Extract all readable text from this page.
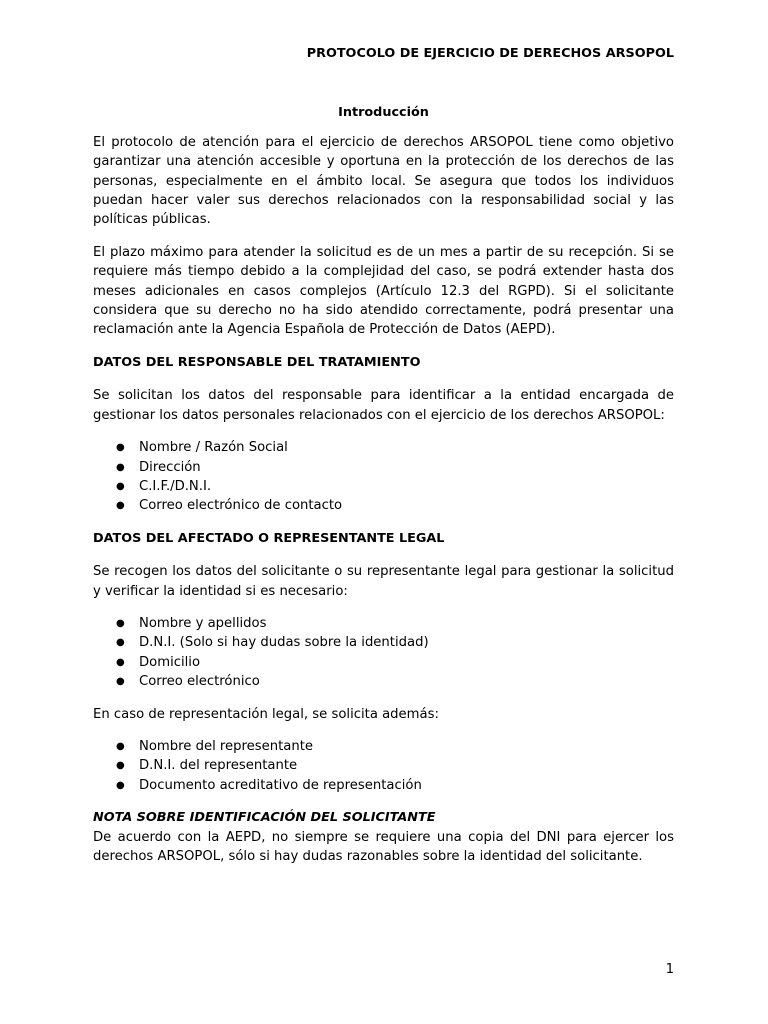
PROTOCOLO DE EJERCICIO DE DERECHOS ARSOPOL
Introducción

El protocolo de atención para el ejercicio de derechos ARSOPOL tiene como objetivo garantizar una atención accesible y oportuna en la protección de los derechos de las personas, especialmente en el ámbito local. Se asegura que todos los individuos puedan hacer valer sus derechos relacionados con la responsabilidad social y las políticas públicas.

El plazo máximo para atender la solicitud es de un mes a partir de su recepción. Si se requiere más tiempo debido a la complejidad del caso, se podrá extender hasta dos meses adicionales en casos complejos (Artículo 12.3 del RGPD). Si el solicitante considera que su derecho no ha sido atendido correctamente, podrá presentar una reclamación ante la Agencia Española de Protección de Datos (AEPD).

DATOS DEL RESPONSABLE DEL TRATAMIENTO

Se solicitan los datos del responsable para identificar a la entidad encargada de gestionar los datos personales relacionados con el ejercicio de los derechos ARSOPOL:

● Nombre / Razón Social
● Dirección
● C.I.F./D.N.I.
● Correo electrónico de contacto
DATOS DEL AFECTADO O REPRESENTANTE LEGAL

Se recogen los datos del solicitante o su representante legal para gestionar la solicitud y verificar la identidad si es necesario:

● Nombre y apellidos
● D.N.I. (Solo si hay dudas sobre la identidad)
● Domicilio
● Correo electrónico

En caso de representación legal, se solicita además:

● Nombre del representante
● D.N.I. del representante
● Documento acreditativo de representación
NOTA SOBRE IDENTIFICACIÓN DEL SOLICITANTE

De acuerdo con la AEPD, no siempre se requiere una copia del DNI para ejercer los derechos ARSOPOL, sólo si hay dudas razonables sobre la identidad del solicitante.

1
